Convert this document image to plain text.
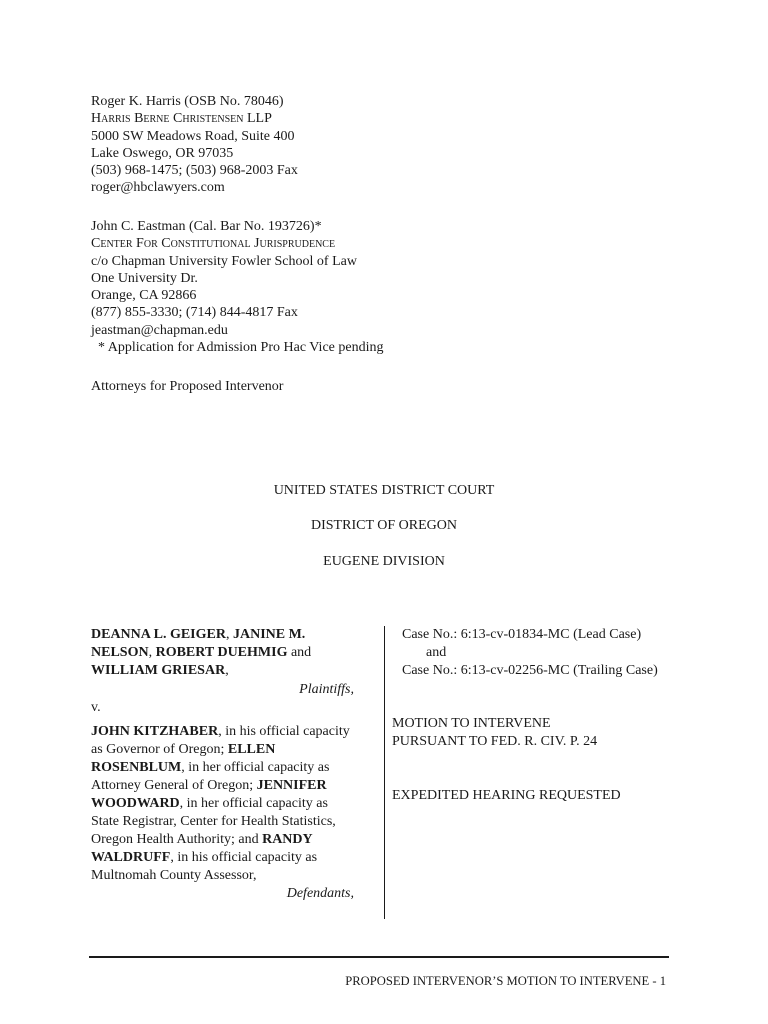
Roger K. Harris (OSB No. 78046)
Harris Berne Christensen LLP
5000 SW Meadows Road, Suite 400
Lake Oswego, OR 97035
(503) 968-1475; (503) 968-2003 Fax
roger@hbclawyers.com
John C. Eastman (Cal. Bar No. 193726)*
Center For Constitutional Jurisprudence
c/o Chapman University Fowler School of Law
One University Dr.
Orange, CA 92866
(877) 855-3330; (714) 844-4817 Fax
jeastman@chapman.edu
* Application for Admission Pro Hac Vice pending
Attorneys for Proposed Intervenor
UNITED STATES DISTRICT COURT
DISTRICT OF OREGON
EUGENE DIVISION
DEANNA L. GEIGER, JANINE M. NELSON, ROBERT DUEHMIG and WILLIAM GRIESAR,
Plaintiffs,
v.
JOHN KITZHABER, in his official capacity as Governor of Oregon; ELLEN ROSENBLUM, in her official capacity as Attorney General of Oregon; JENNIFER WOODWARD, in her official capacity as State Registrar, Center for Health Statistics, Oregon Health Authority; and RANDY WALDRUFF, in his official capacity as Multnomah County Assessor,
Defendants,
Case No.: 6:13-cv-01834-MC (Lead Case)
and
Case No.: 6:13-cv-02256-MC (Trailing Case)
MOTION TO INTERVENE
PURSUANT TO FED. R. CIV. P. 24
EXPEDITED HEARING REQUESTED
PROPOSED INTERVENOR’S MOTION TO INTERVENE - 1
